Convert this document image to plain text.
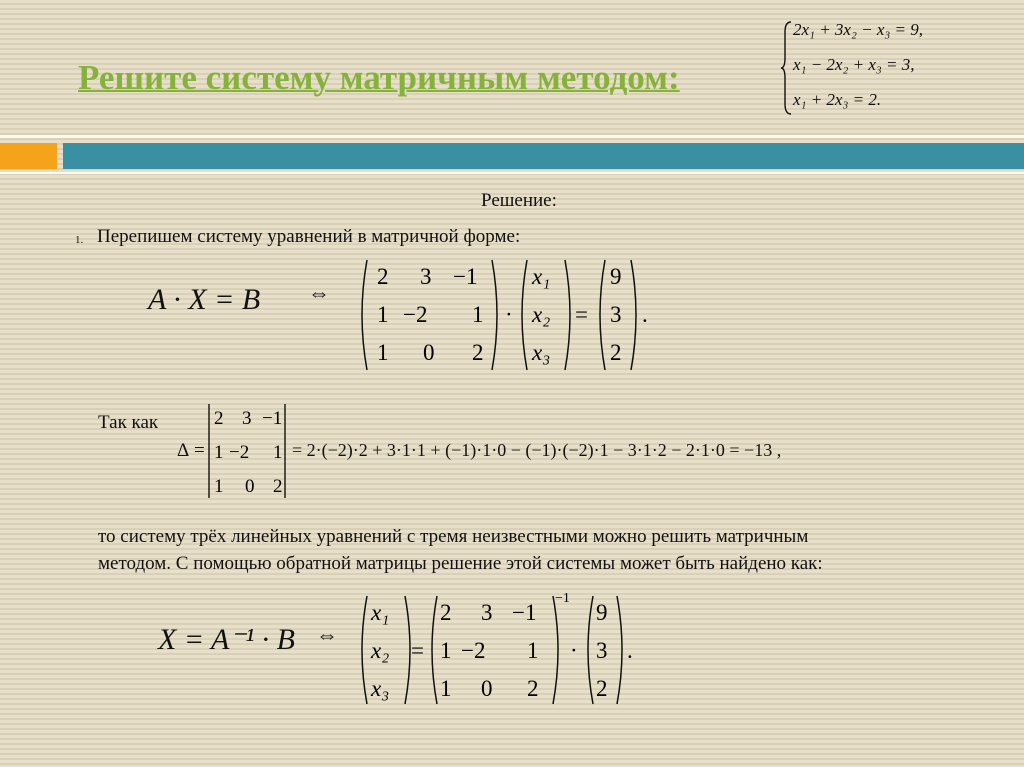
Решите систему матричным методом:
2x₁ + 3x₂ − x₃ = 9,
x₁ − 2x₂ + x₃ = 3,
x₁ + 2x₃ = 2.
Решение:
1. Перепишем систему уравнений в матричной форме:
A · X = B ⇔
2 3 −1
1 −2 1
1 0 2
·
x₁
x₂
x₃
=
9
3
2
.
Так как
Δ =
2 3 −1
1 −2 1
1 0 2
= 2·(−2)·2 + 3·1·1 + (−1)·1·0 − (−1)·(−2)·1 − 3·1·2 − 2·1·0 = −13 ,
то систему трёх линейных уравнений с тремя неизвестными можно решить матричным
методом. С помощью обратной матрицы решение этой системы может быть найдено как:
X = A⁻¹ · B ⇔
x₁
x₂
x₃
=
2 3 −1
1 −2 1
1 0 2
−1
·
9
3
2
.
